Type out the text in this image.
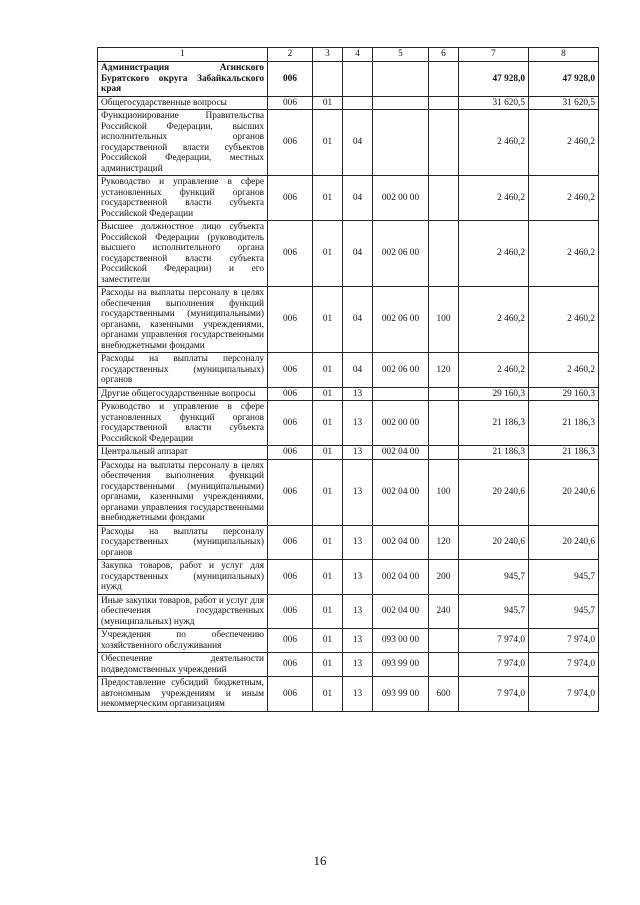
1	2	3	4	5	6	7	8
Администрация Агинского Бурятского округа Забайкальского края	006					47 928,0	47 928,0
Общегосударственные вопросы	006	01				31 620,5	31 620,5
Функционирование Правительства Российской Федерации, высших исполнительных органов государственной власти субъектов Российской Федерации, местных администраций	006	01	04			2 460,2	2 460,2
Руководство и управление в сфере установленных функций органов государственной власти субъекта Российской Федерации	006	01	04	002 00 00		2 460,2	2 460,2
Высшее должностное лицо субъекта Российской Федерации (руководитель высшего исполнительного органа государственной власти субъекта Российской Федерации) и его заместители	006	01	04	002 06 00		2 460,2	2 460,2
Расходы на выплаты персоналу в целях обеспечения выполнения функций государственными (муниципальными) органами, казенными учреждениями, органами управления государственными внебюджетными фондами	006	01	04	002 06 00	100	2 460,2	2 460,2
Расходы на выплаты персоналу государственных (муниципальных) органов	006	01	04	002 06 00	120	2 460,2	2 460,2
Другие общегосударственные вопросы	006	01	13			29 160,3	29 160,3
Руководство и управление в сфере установленных функций органов государственной власти субъекта Российской Федерации	006	01	13	002 00 00		21 186,3	21 186,3
Центральный аппарат	006	01	13	002 04 00		21 186,3	21 186,3
Расходы на выплаты персоналу в целях обеспечения выполнения функций государственными (муниципальными) органами, казенными учреждениями, органами управления государственными внебюджетными фондами	006	01	13	002 04 00	100	20 240,6	20 240,6
Расходы на выплаты персоналу государственных (муниципальных) органов	006	01	13	002 04 00	120	20 240,6	20 240,6
Закупка товаров, работ и услуг для государственных (муниципальных) нужд	006	01	13	002 04 00	200	945,7	945,7
Иные закупки товаров, работ и услуг для обеспечения государственных (муниципальных) нужд	006	01	13	002 04 00	240	945,7	945,7
Учреждения по обеспечению хозяйственного обслуживания	006	01	13	093 00 00		7 974,0	7 974,0
Обеспечение деятельности подведомственных учреждений	006	01	13	093 99 00		7 974,0	7 974,0
Предоставление субсидий бюджетным, автономным учреждениям и иным некоммерческим организациям	006	01	13	093 99 00	600	7 974,0	7 974,0
16
